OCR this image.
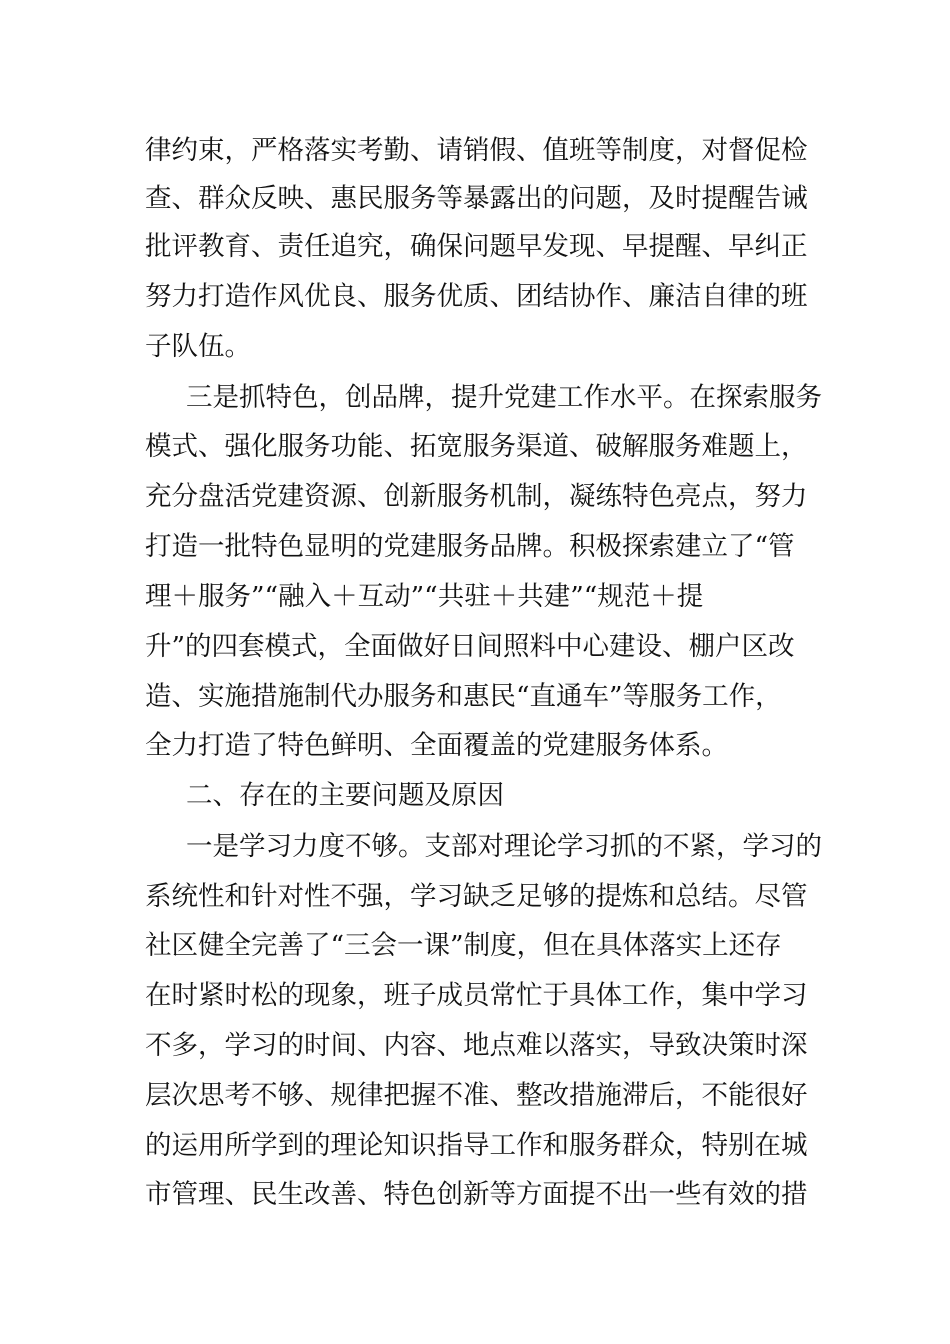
律约束，严格落实考勤、请销假、值班等制度，对督促检
查、群众反映、惠民服务等暴露出的问题，及时提醒告诫
批评教育、责任追究，确保问题早发现、早提醒、早纠正
努力打造作风优良、服务优质、团结协作、廉洁自律的班
子队伍。
三是抓特色，创品牌，提升党建工作水平。在探索服务
模式、强化服务功能、拓宽服务渠道、破解服务难题上，
充分盘活党建资源、创新服务机制，凝练特色亮点，努力
打造一批特色显明的党建服务品牌。积极探索建立了“管
理＋服务”“融入＋互动”“共驻＋共建”“规范＋提
升”的四套模式，全面做好日间照料中心建设、棚户区改
造、实施措施制代办服务和惠民“直通车”等服务工作，
全力打造了特色鲜明、全面覆盖的党建服务体系。
二、存在的主要问题及原因
一是学习力度不够。支部对理论学习抓的不紧，学习的
系统性和针对性不强，学习缺乏足够的提炼和总结。尽管
社区健全完善了“三会一课”制度，但在具体落实上还存
在时紧时松的现象，班子成员常忙于具体工作，集中学习
不多，学习的时间、内容、地点难以落实，导致决策时深
层次思考不够、规律把握不准、整改措施滞后，不能很好
的运用所学到的理论知识指导工作和服务群众，特别在城
市管理、民生改善、特色创新等方面提不出一些有效的措
